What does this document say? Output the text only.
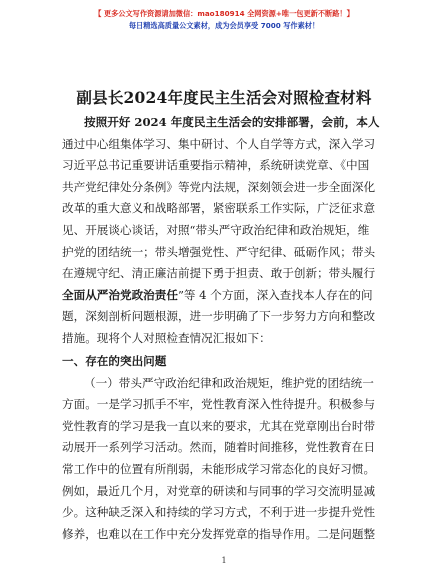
【 更多公文写作资源请加微信：mao180914 全网资源+唯一包更新不断路！】
每日精选高质量公文素材，成为会员享受 7000 写作素材！
副县长2024年度民主生活会对照检查材料
按照开好 2024 年度民主生活会的安排部署，会前，本人
通过中心组集体学习、集中研讨、个人自学等方式，深入学习
习近平总书记重要讲话重要指示精神，系统研读党章、《中国
共产党纪律处分条例》等党内法规，深刻领会进一步全面深化
改革的重大意义和战略部署，紧密联系工作实际，广泛征求意
见、开展谈心谈话，对照“带头严守政治纪律和政治规矩，维
护党的团结统一；带头增强党性、严守纪律、砥砺作风；带头
在遵规守纪、清正廉洁前提下勇于担责、敢于创新；带头履行
全面从严治党政治责任”等 4 个方面，深入查找本人存在的问
题，深刻剖析问题根源，进一步明确了下一步努力方向和整改
措施。现将个人对照检查情况汇报如下：
一、存在的突出问题
（一）带头严守政治纪律和政治规矩，维护党的团结统一
方面。一是学习抓手不牢，党性教育深入性待提升。积极参与
党性教育的学习是我一直以来的要求，尤其在党章刚出台时带
动展开一系列学习活动。然而，随着时间推移，党性教育在日
常工作中的位置有所削弱，未能形成学习常态化的良好习惯。
例如，最近几个月，对党章的研读和与同事的学习交流明显减
少。这种缺乏深入和持续的学习方式，不利于进一步提升党性
修养，也难以在工作中充分发挥党章的指导作用。二是问题整
1
